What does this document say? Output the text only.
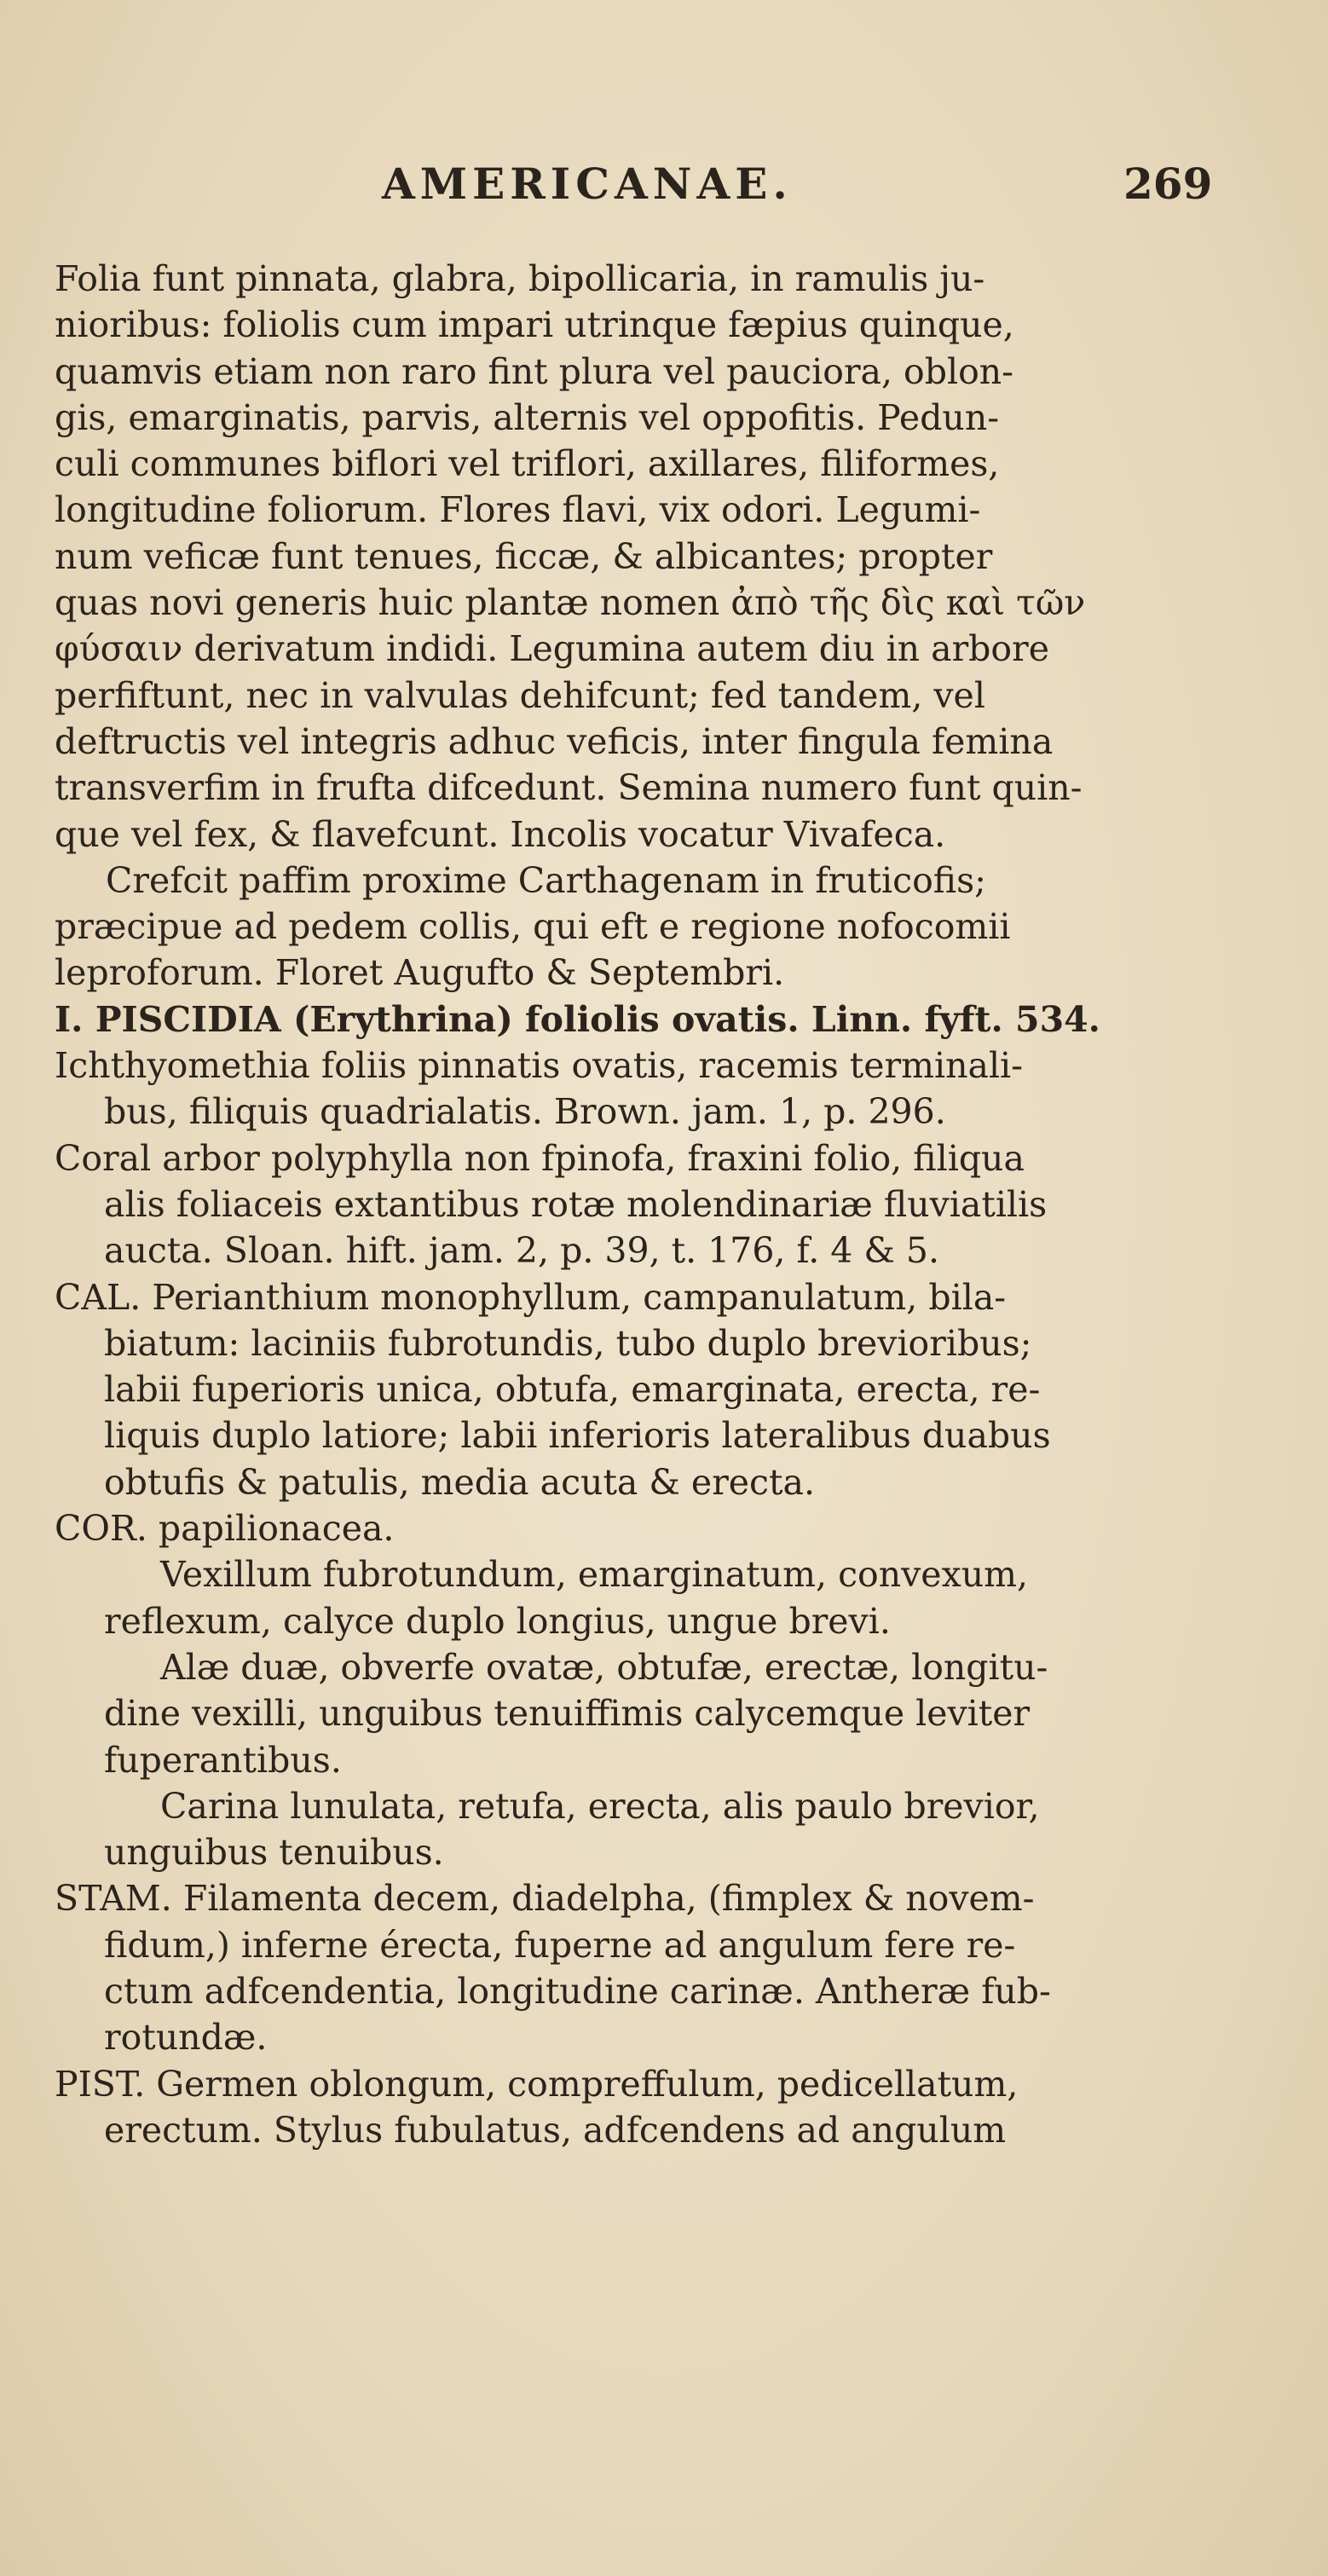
AMERICANAE.	269
Folia funt pinnata, glabra, bipollicaria, in ramulis ju-
nioribus: foliolis cum impari utrinque fæpius quinque,
quamvis etiam non raro fint plura vel pauciora, oblon-
gis, emarginatis, parvis, alternis vel oppofitis. Pedun-
culi communes biflori vel triflori, axillares, filiformes,
longitudine foliorum. Flores flavi, vix odori. Legumi-
num veficæ funt tenues, ficcæ, & albicantes; propter
quas novi generis huic plantæ nomen ἀπὸ τῆς δὶς καὶ τῶν
φύσαιν derivatum indidi. Legumina autem diu in arbore
perfiftunt, nec in valvulas dehifcunt; fed tandem, vel
deftructis vel integris adhuc veficis, inter fingula femina
transverfim in frufta difcedunt. Semina numero funt quin-
que vel fex, & flavefcunt. Incolis vocatur Vivafeca.
Crefcit paffim proxime Carthagenam in fruticofis;
præcipue ad pedem collis, qui eft e regione nofocomii
leproforum. Floret Augufto & Septembri.
I. PISCIDIA (Erythrina) foliolis ovatis. Linn. fyft. 534.
Ichthyomethia foliis pinnatis ovatis, racemis terminali-
bus, filiquis quadrialatis. Brown. jam. 1, p. 296.
Coral arbor polyphylla non fpinofa, fraxini folio, filiqua
alis foliaceis extantibus rotæ molendinariæ fluviatilis
aucta. Sloan. hift. jam. 2, p. 39, t. 176, f. 4 & 5.
CAL. Perianthium monophyllum, campanulatum, bila-
biatum: laciniis fubrotundis, tubo duplo brevioribus;
labii fuperioris unica, obtufa, emarginata, erecta, re-
liquis duplo latiore; labii inferioris lateralibus duabus
obtufis & patulis, media acuta & erecta.
COR. papilionacea.
Vexillum fubrotundum, emarginatum, convexum,
reflexum, calyce duplo longius, ungue brevi.
Alæ duæ, obverfe ovatæ, obtufæ, erectæ, longitu-
dine vexilli, unguibus tenuiffimis calycemque leviter
fuperantibus.
Carina lunulata, retufa, erecta, alis paulo brevior,
unguibus tenuibus.
STAM. Filamenta decem, diadelpha, (fimplex & novem-
fidum,) inferne érecta, fuperne ad angulum fere re-
ctum adfcendentia, longitudine carinæ. Antheræ fub-
rotundæ.
PIST. Germen oblongum, compreffulum, pedicellatum,
erectum. Stylus fubulatus, adfcendens ad angulum
